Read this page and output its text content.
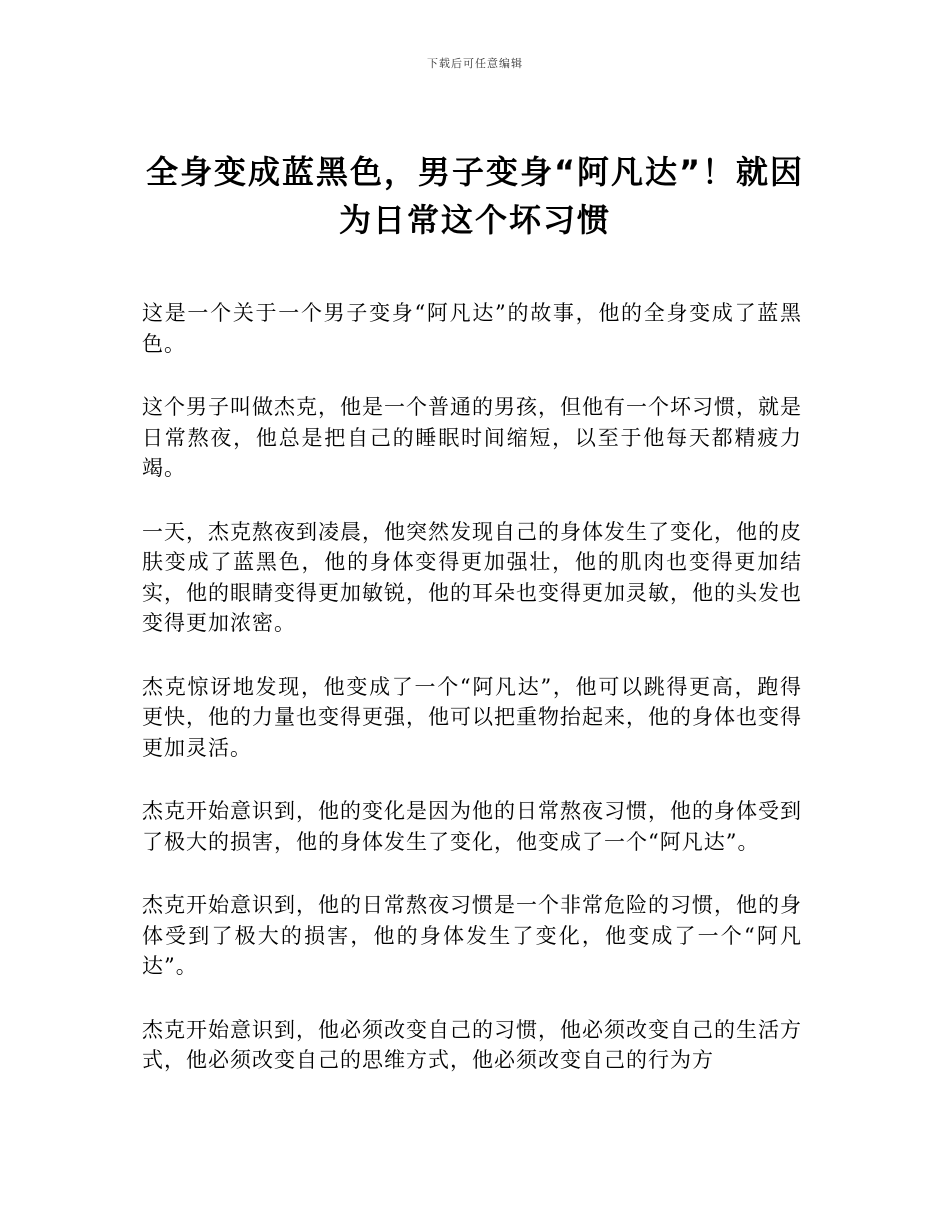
下载后可任意编辑
全身变成蓝黑色，男子变身“阿凡达”！就因为日常这个坏习惯

这是一个关于一个男子变身“阿凡达”的故事，他的全身变成了蓝黑色。

这个男子叫做杰克，他是一个普通的男孩，但他有一个坏习惯，就是日常熬夜，他总是把自己的睡眠时间缩短，以至于他每天都精疲力竭。

一天，杰克熬夜到凌晨，他突然发现自己的身体发生了变化，他的皮肤变成了蓝黑色，他的身体变得更加强壮，他的肌肉也变得更加结实，他的眼睛变得更加敏锐，他的耳朵也变得更加灵敏，他的头发也变得更加浓密。

杰克惊讶地发现，他变成了一个“阿凡达”，他可以跳得更高，跑得更快，他的力量也变得更强，他可以把重物抬起来，他的身体也变得更加灵活。

杰克开始意识到，他的变化是因为他的日常熬夜习惯，他的身体受到了极大的损害，他的身体发生了变化，他变成了一个“阿凡达”。

杰克开始意识到，他的日常熬夜习惯是一个非常危险的习惯，他的身体受到了极大的损害，他的身体发生了变化，他变成了一个“阿凡达”。

杰克开始意识到，他必须改变自己的习惯，他必须改变自己的生活方式，他必须改变自己的思维方式，他必须改变自己的行为方
